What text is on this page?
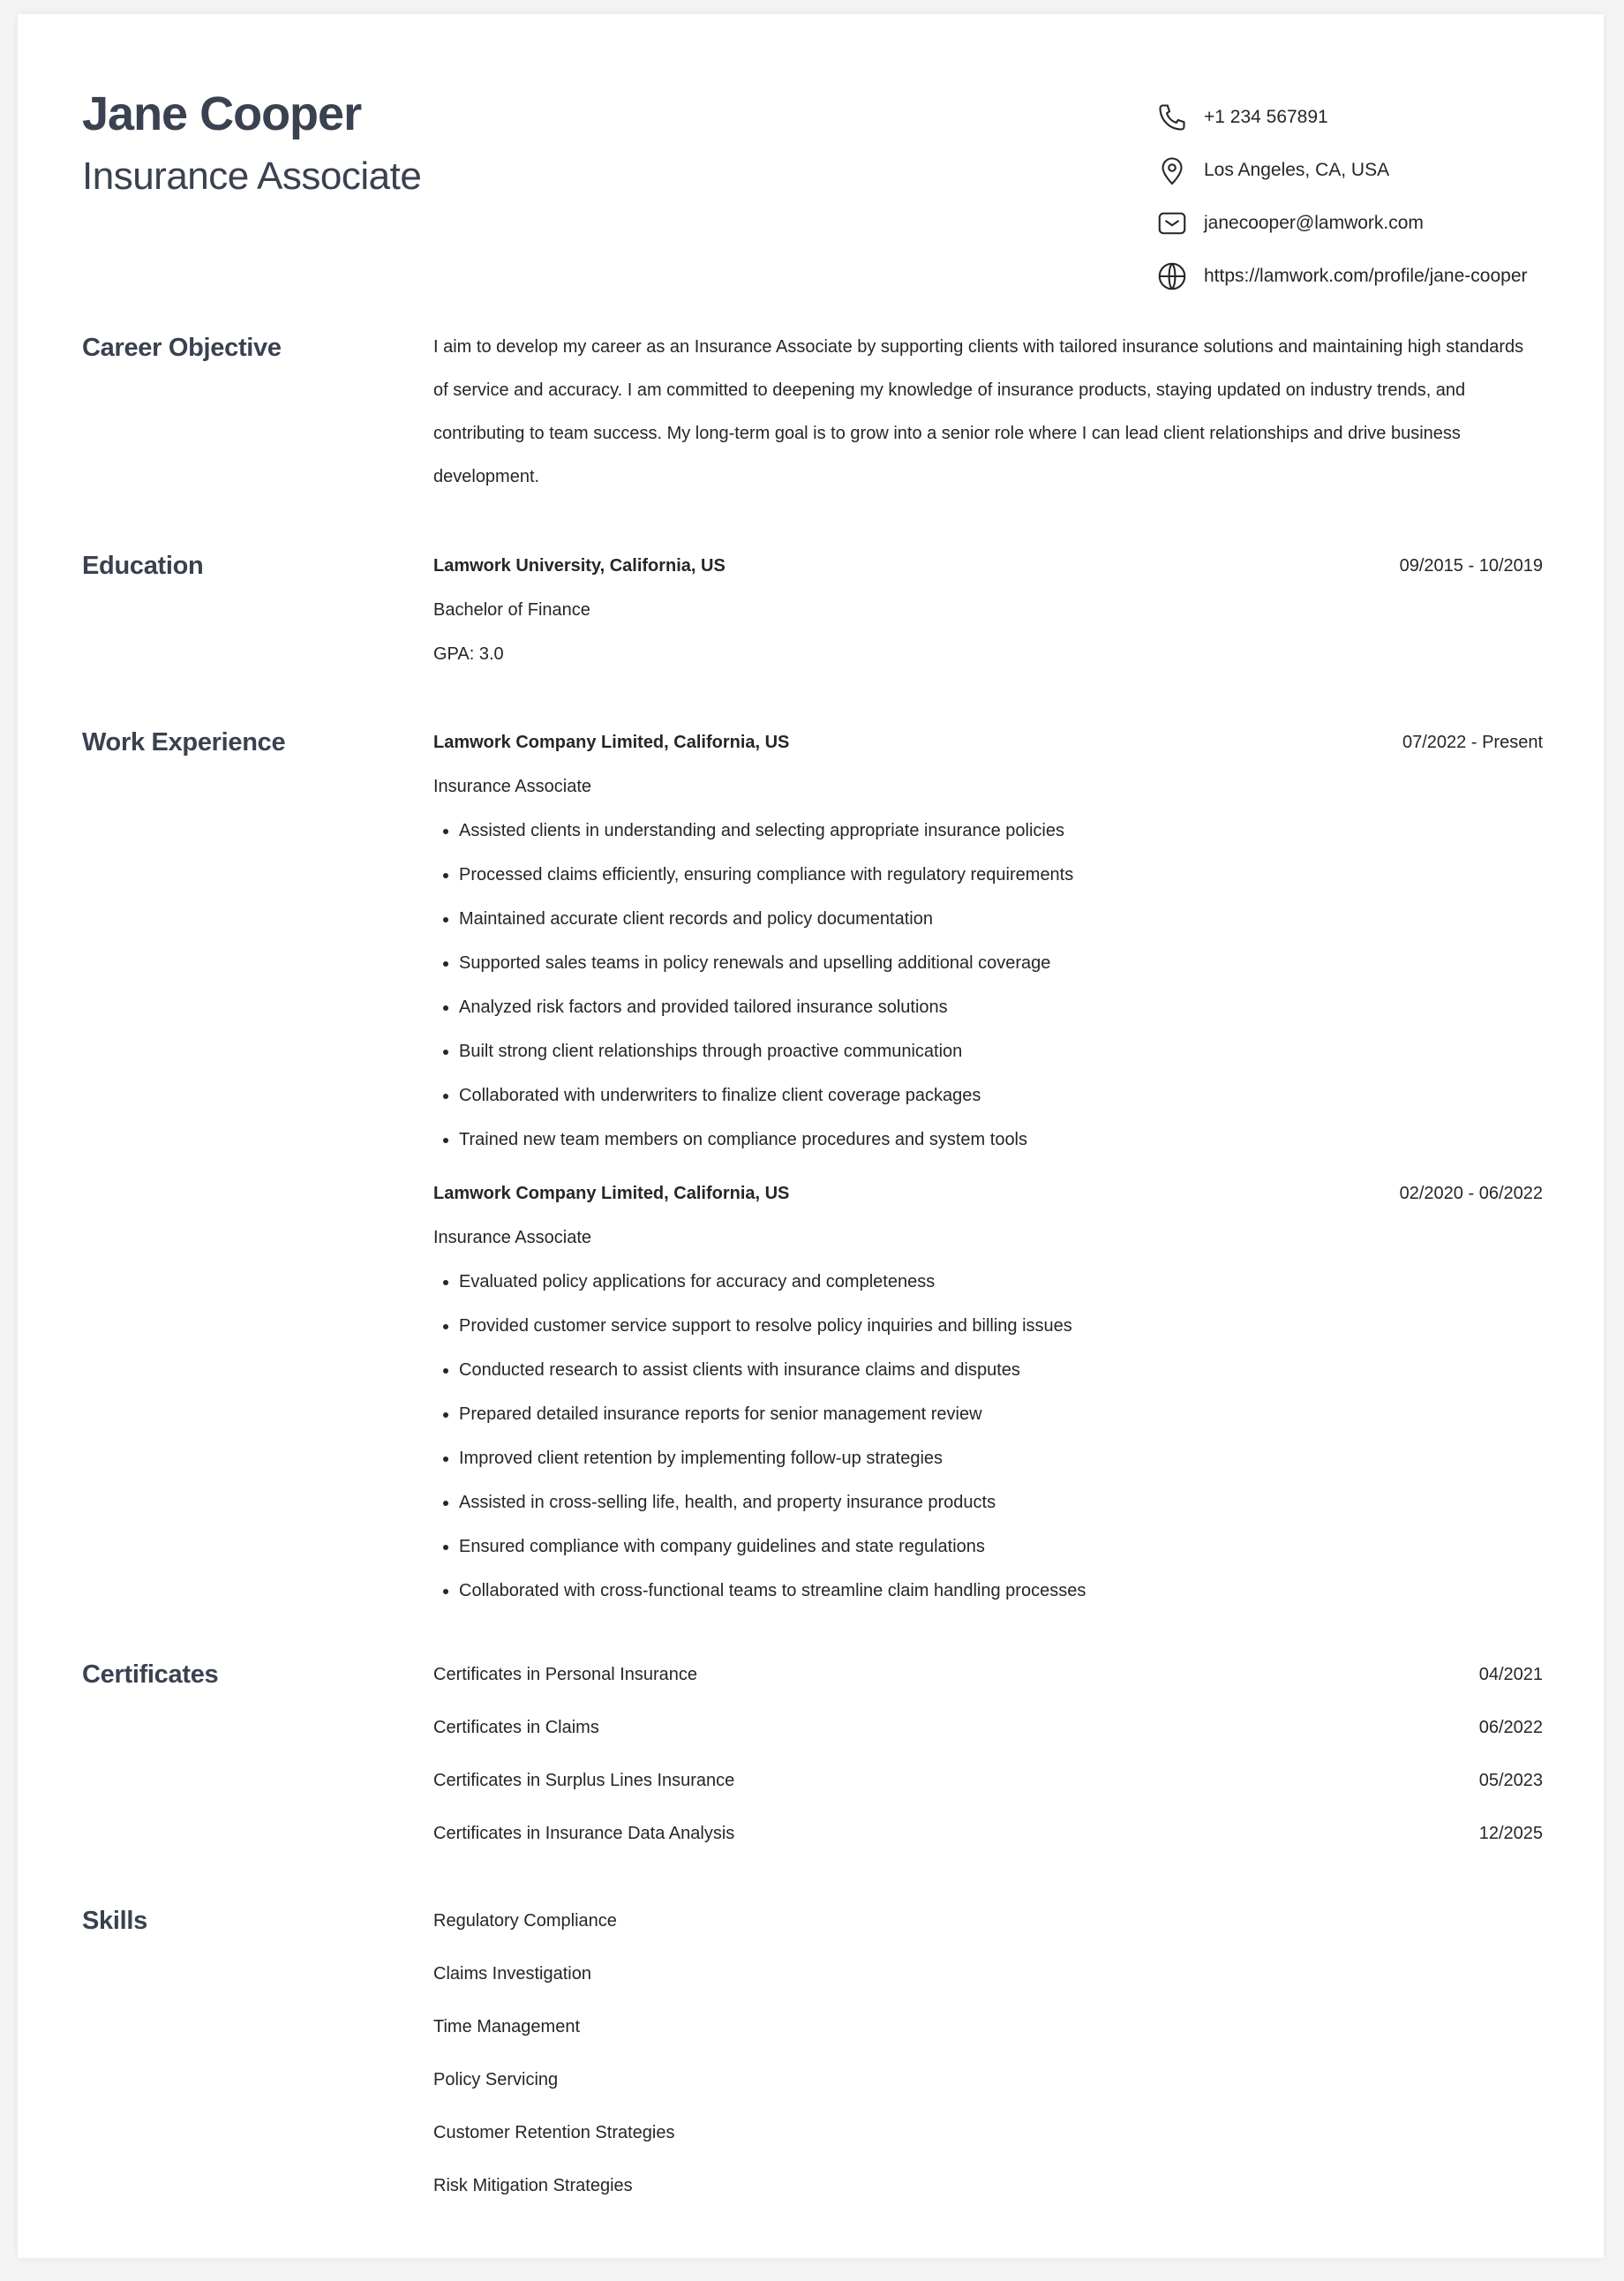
Jane Cooper
Insurance Associate
+1 234 567891
Los Angeles, CA, USA
janecooper@lamwork.com
https://lamwork.com/profile/jane-cooper
Career Objective	I aim to develop my career as an Insurance Associate by supporting clients with tailored insurance solutions and maintaining high standards of service and accuracy. I am committed to deepening my knowledge of insurance products, staying updated on industry trends, and contributing to team success. My long-term goal is to grow into a senior role where I can lead client relationships and drive business development.
Education	Lamwork University, California, US	09/2015 - 10/2019
Bachelor of Finance
GPA: 3.0
Work Experience	Lamwork Company Limited, California, US	07/2022 - Present
Insurance Associate
• Assisted clients in understanding and selecting appropriate insurance policies
• Processed claims efficiently, ensuring compliance with regulatory requirements
• Maintained accurate client records and policy documentation
• Supported sales teams in policy renewals and upselling additional coverage
• Analyzed risk factors and provided tailored insurance solutions
• Built strong client relationships through proactive communication
• Collaborated with underwriters to finalize client coverage packages
• Trained new team members on compliance procedures and system tools
Lamwork Company Limited, California, US	02/2020 - 06/2022
Insurance Associate
• Evaluated policy applications for accuracy and completeness
• Provided customer service support to resolve policy inquiries and billing issues
• Conducted research to assist clients with insurance claims and disputes
• Prepared detailed insurance reports for senior management review
• Improved client retention by implementing follow-up strategies
• Assisted in cross-selling life, health, and property insurance products
• Ensured compliance with company guidelines and state regulations
• Collaborated with cross-functional teams to streamline claim handling processes
Certificates	Certificates in Personal Insurance	04/2021
Certificates in Claims	06/2022
Certificates in Surplus Lines Insurance	05/2023
Certificates in Insurance Data Analysis	12/2025
Skills	Regulatory Compliance
Claims Investigation
Time Management
Policy Servicing
Customer Retention Strategies
Risk Mitigation Strategies
